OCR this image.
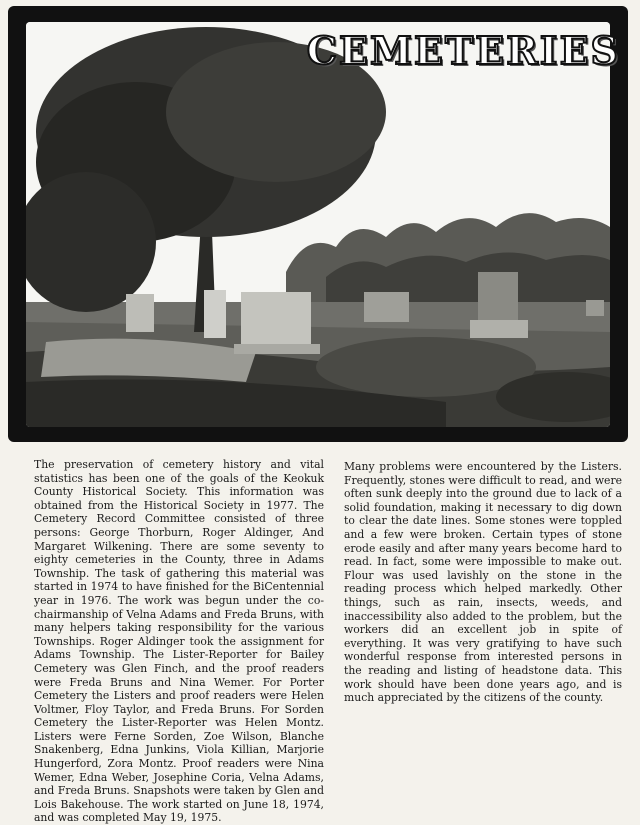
CEMETERIES
The preservation of cemetery history and vital statistics has been one of the goals of the Keokuk County Historical Society. This information was obtained from the Historical Society in 1977. The Cemetery Record Committee consisted of three persons: George Thorburn, Roger Aldinger, And Margaret Wilkening. There are some seventy to eighty cemeteries in the County, three in Adams Township. The task of gathering this material was started in 1974 to have finished for the BiCentennial year in 1976. The work was begun under the co-chairmanship of Velna Adams and Freda Bruns, with many helpers taking responsibility for the various Townships. Roger Aldinger took the assignment for Adams Township. The Lister-Reporter for Bailey Cemetery was Glen Finch, and the proof readers were Freda Bruns and Nina Wemer. For Porter Cemetery the Listers and proof readers were Helen Voltmer, Floy Taylor, and Freda Bruns. For Sorden Cemetery the Lister-Reporter was Helen Montz. Listers were Ferne Sorden, Zoe Wilson, Blanche Snakenberg, Edna Junkins, Viola Killian, Marjorie Hungerford, Zora Montz. Proof readers were Nina Wemer, Edna Weber, Josephine Coria, Velna Adams, and Freda Bruns. Snapshots were taken by Glen and Lois Bakehouse. The work started on June 18, 1974, and was completed May 19, 1975.
Many problems were encountered by the Listers. Frequently, stones were difficult to read, and were often sunk deeply into the ground due to lack of a solid foundation, making it necessary to dig down to clear the date lines. Some stones were toppled and a few were broken. Certain types of stone erode easily and after many years become hard to read. In fact, some were impossible to make out. Flour was used lavishly on the stone in the reading process which helped markedly. Other things, such as rain, insects, weeds, and inaccessibility also added to the problem, but the workers did an excellent job in spite of everything. It was very gratifying to have such wonderful response from interested persons in the reading and listing of headstone data. This work should have been done years ago, and is much appreciated by the citizens of the county.
